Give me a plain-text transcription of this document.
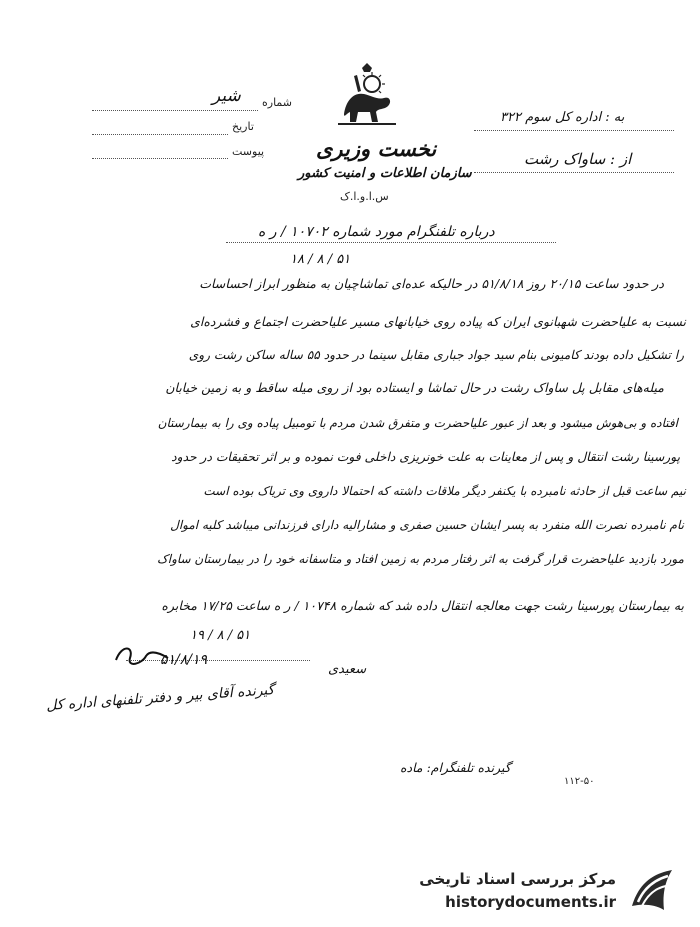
شماره
شیر
تاریخ
پیوست نخست وزیری
سازمان اطلاعات و امنیت کشور
س.ا.و.ا.ک
به : اداره کل سوم ۳۲۲
از : ساواک رشت
درباره تلفنگرام مورد شماره ۱۰۷۰۲ / ر ه
۵۱ / ۸ / ۱۸
در حدود ساعت ۲۰/۱۵ روز ۵۱/۸/۱۸ در حالیکه عده‌ای تماشاچیان به منظور ابراز احساسات
نسبت به علیاحضرت شهبانوی ایران که پیاده روی خیابانهای مسیر علیاحضرت اجتماع و فشرده‌ای
را تشکیل داده بودند کامیونی بنام سید جواد جباری مقابل سینما در حدود ۵۵ ساله ساکن رشت روی
میله‌های مقابل پل ساواک رشت در حال تماشا و ایستاده بود از روی میله ساقط و به زمین خیابان
افتاده و بی‌هوش میشود و بعد از عبور علیاحضرت و متفرق شدن مردم با تومبیل پیاده وی را به بیمارستان
پورسینا رشت انتقال و پس از معاینات به علت خونریزی داخلی فوت نموده و بر اثر تحقیقات در حدود
نیم ساعت قبل از حادثه نامبرده با یکنفر دیگر ملاقات داشته که احتمالا داروی وی تریاک بوده است
نام نامبرده نصرت الله منفرد به پسر ایشان حسین صفری و مشارالیه دارای فرزندانی میباشد کلیه اموال
مورد بازدید علیاحضرت قرار گرفت به اثر رفتار مردم به زمین افتاد و متاسفانه خود را در بیمارستان ساواک
به بیمارستان پورسینا رشت جهت معالجه انتقال داده شد که شماره ۱۰۷۴۸ / ر ه ساعت ۱۷/۲۵ مخابره
۵۱ / ۸ / ۱۹
۵۱/۸/۱۹
سعیدی
گیرنده آقای بیر و دفتر تلفنهای اداره کل
گیرنده تلفنگرام: ماده
۱۱۲-۵۰
مرکز بررسی اسناد تاریخی
historydocuments.ir
